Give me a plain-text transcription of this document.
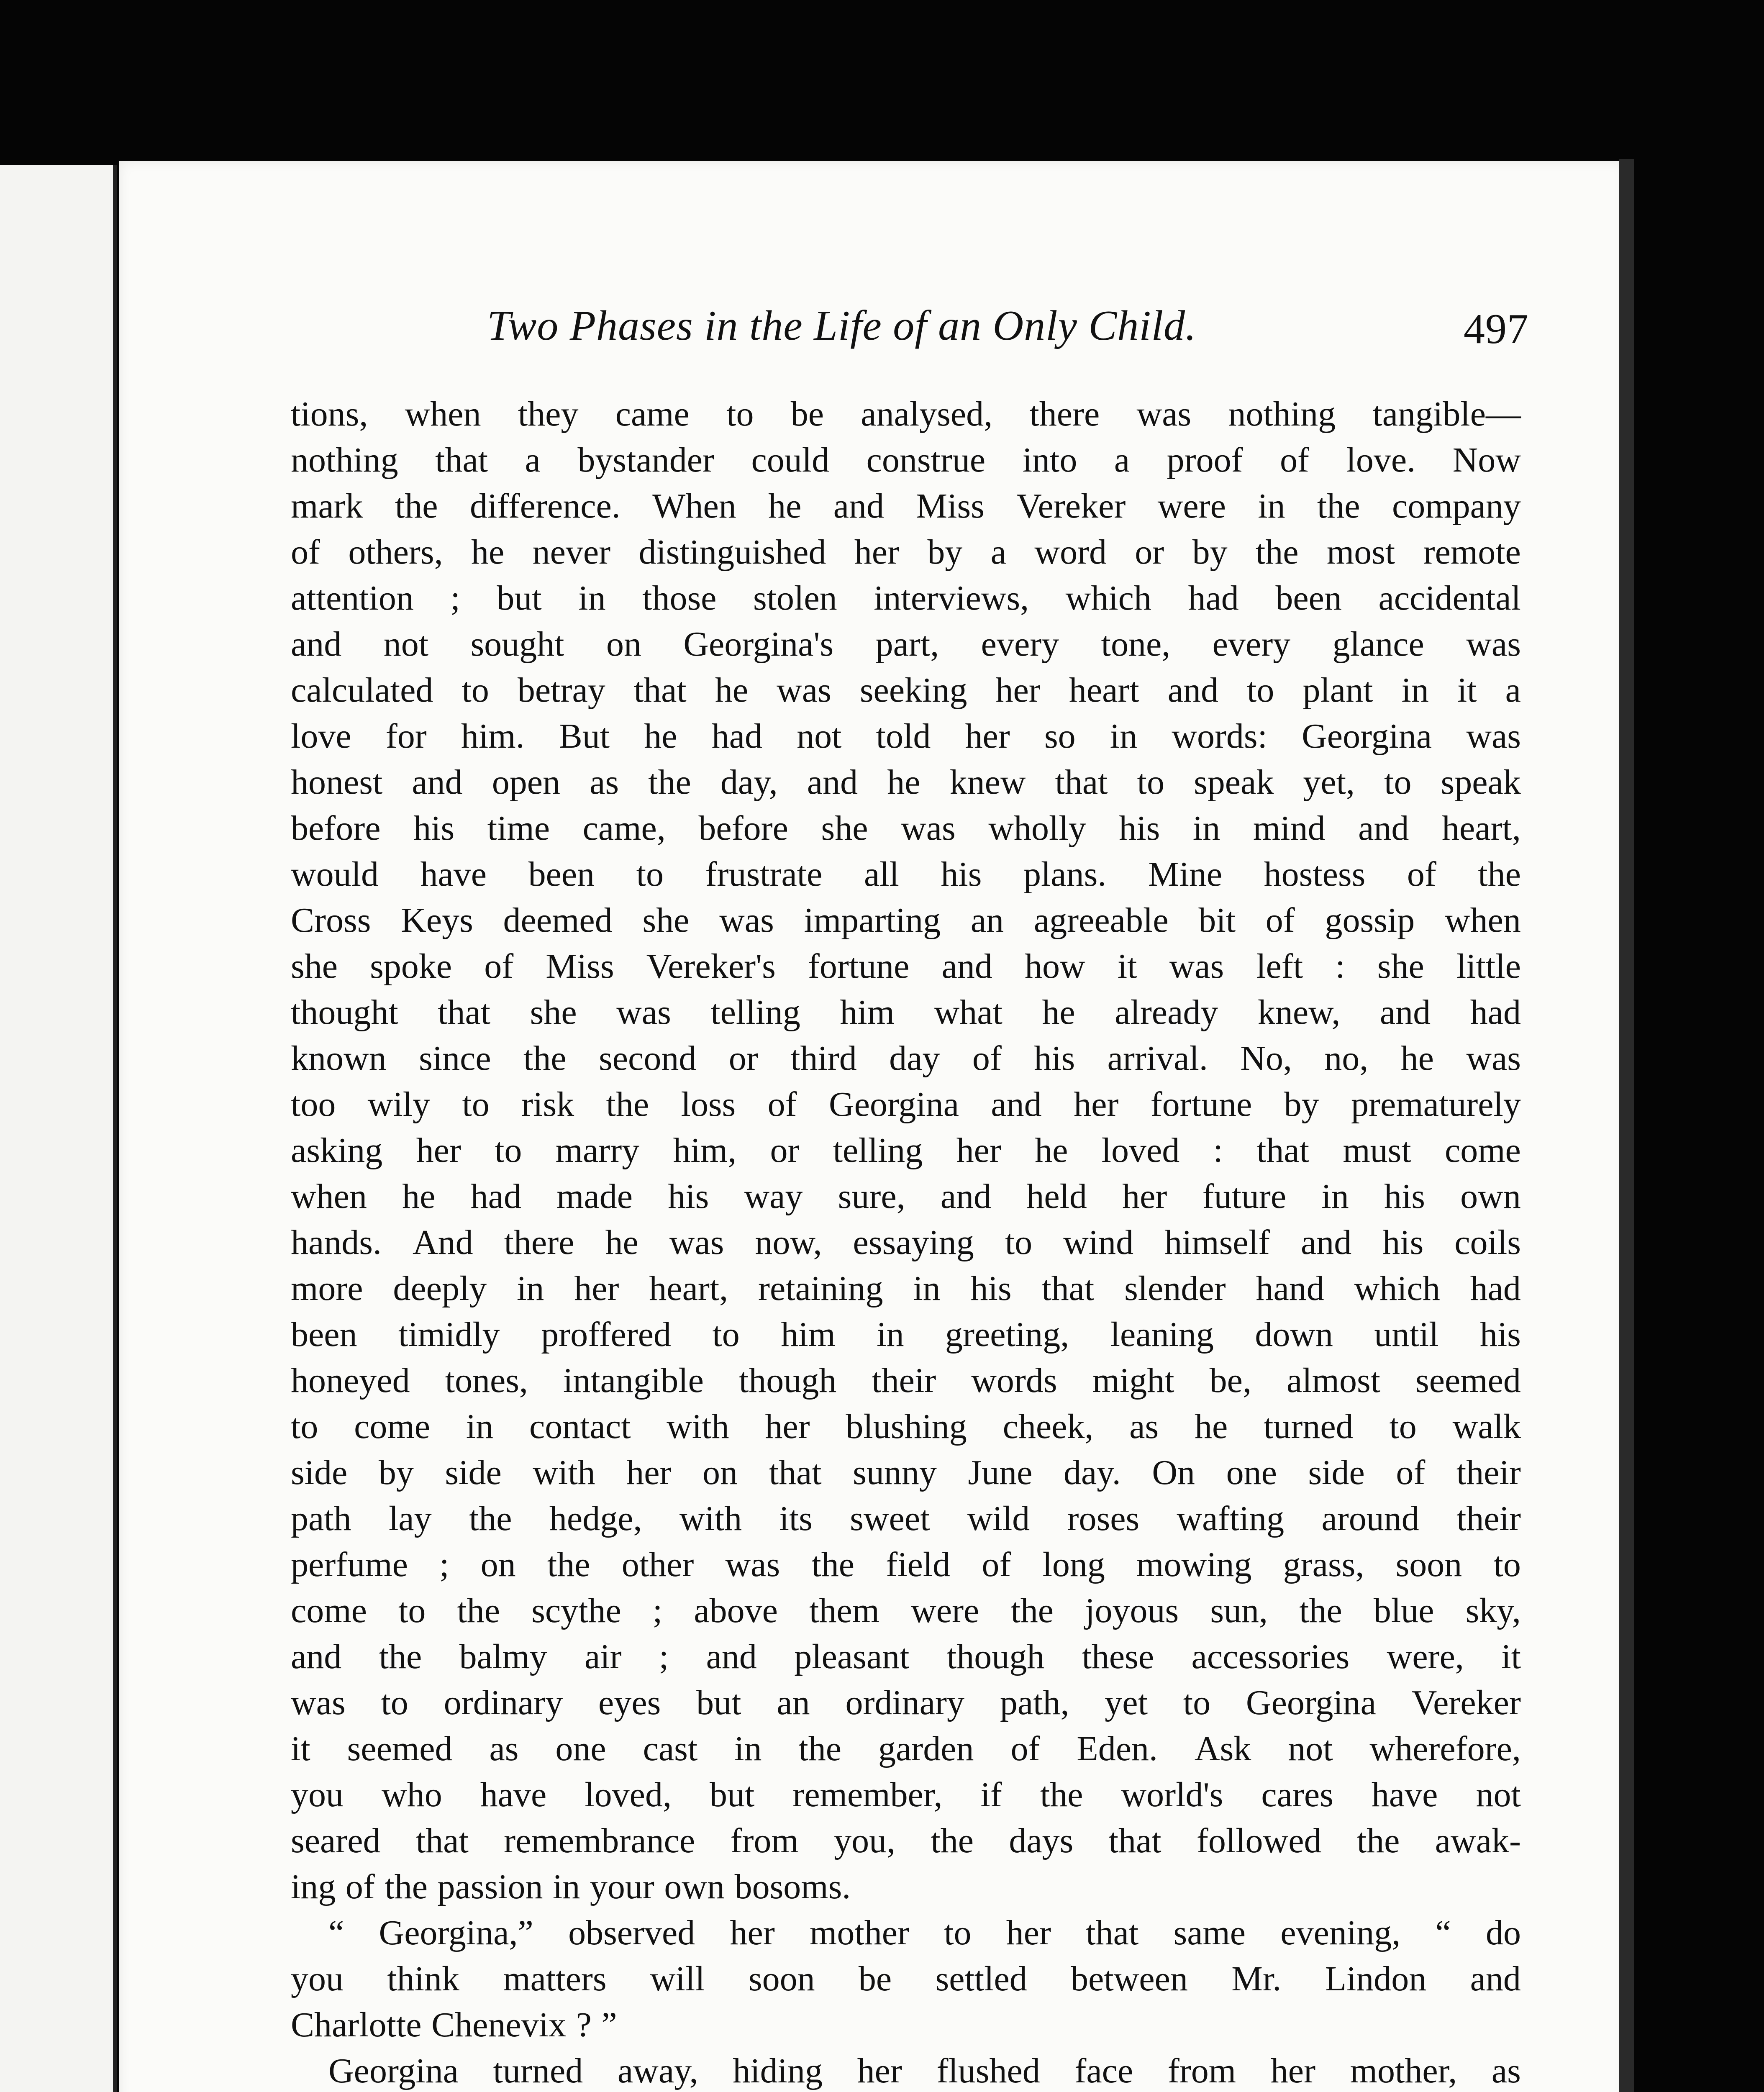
Two Phases in the Life of an Only Child.	497
tions, when they came to be analysed, there was nothing tangible—
nothing that a bystander could construe into a proof of love. Now
mark the difference. When he and Miss Vereker were in the company
of others, he never distinguished her by a word or by the most remote
attention ; but in those stolen interviews, which had been accidental
and not sought on Georgina's part, every tone, every glance was
calculated to betray that he was seeking her heart and to plant in it a
love for him. But he had not told her so in words: Georgina was
honest and open as the day, and he knew that to speak yet, to speak
before his time came, before she was wholly his in mind and heart,
would have been to frustrate all his plans. Mine hostess of the
Cross Keys deemed she was imparting an agreeable bit of gossip when
she spoke of Miss Vereker's fortune and how it was left : she little
thought that she was telling him what he already knew, and had
known since the second or third day of his arrival. No, no, he was
too wily to risk the loss of Georgina and her fortune by prematurely
asking her to marry him, or telling her he loved : that must come
when he had made his way sure, and held her future in his own
hands. And there he was now, essaying to wind himself and his coils
more deeply in her heart, retaining in his that slender hand which had
been timidly proffered to him in greeting, leaning down until his
honeyed tones, intangible though their words might be, almost seemed
to come in contact with her blushing cheek, as he turned to walk
side by side with her on that sunny June day. On one side of their
path lay the hedge, with its sweet wild roses wafting around their
perfume ; on the other was the field of long mowing grass, soon to
come to the scythe ; above them were the joyous sun, the blue sky,
and the balmy air ; and pleasant though these accessories were, it
was to ordinary eyes but an ordinary path, yet to Georgina Vereker
it seemed as one cast in the garden of Eden. Ask not wherefore,
you who have loved, but remember, if the world's cares have not
seared that remembrance from you, the days that followed the awak-
ing of the passion in your own bosoms.
“ Georgina,” observed her mother to her that same evening, “ do
you think matters will soon be settled between Mr. Lindon and
Charlotte Chenevix ? ”
Georgina turned away, hiding her flushed face from her mother, as
